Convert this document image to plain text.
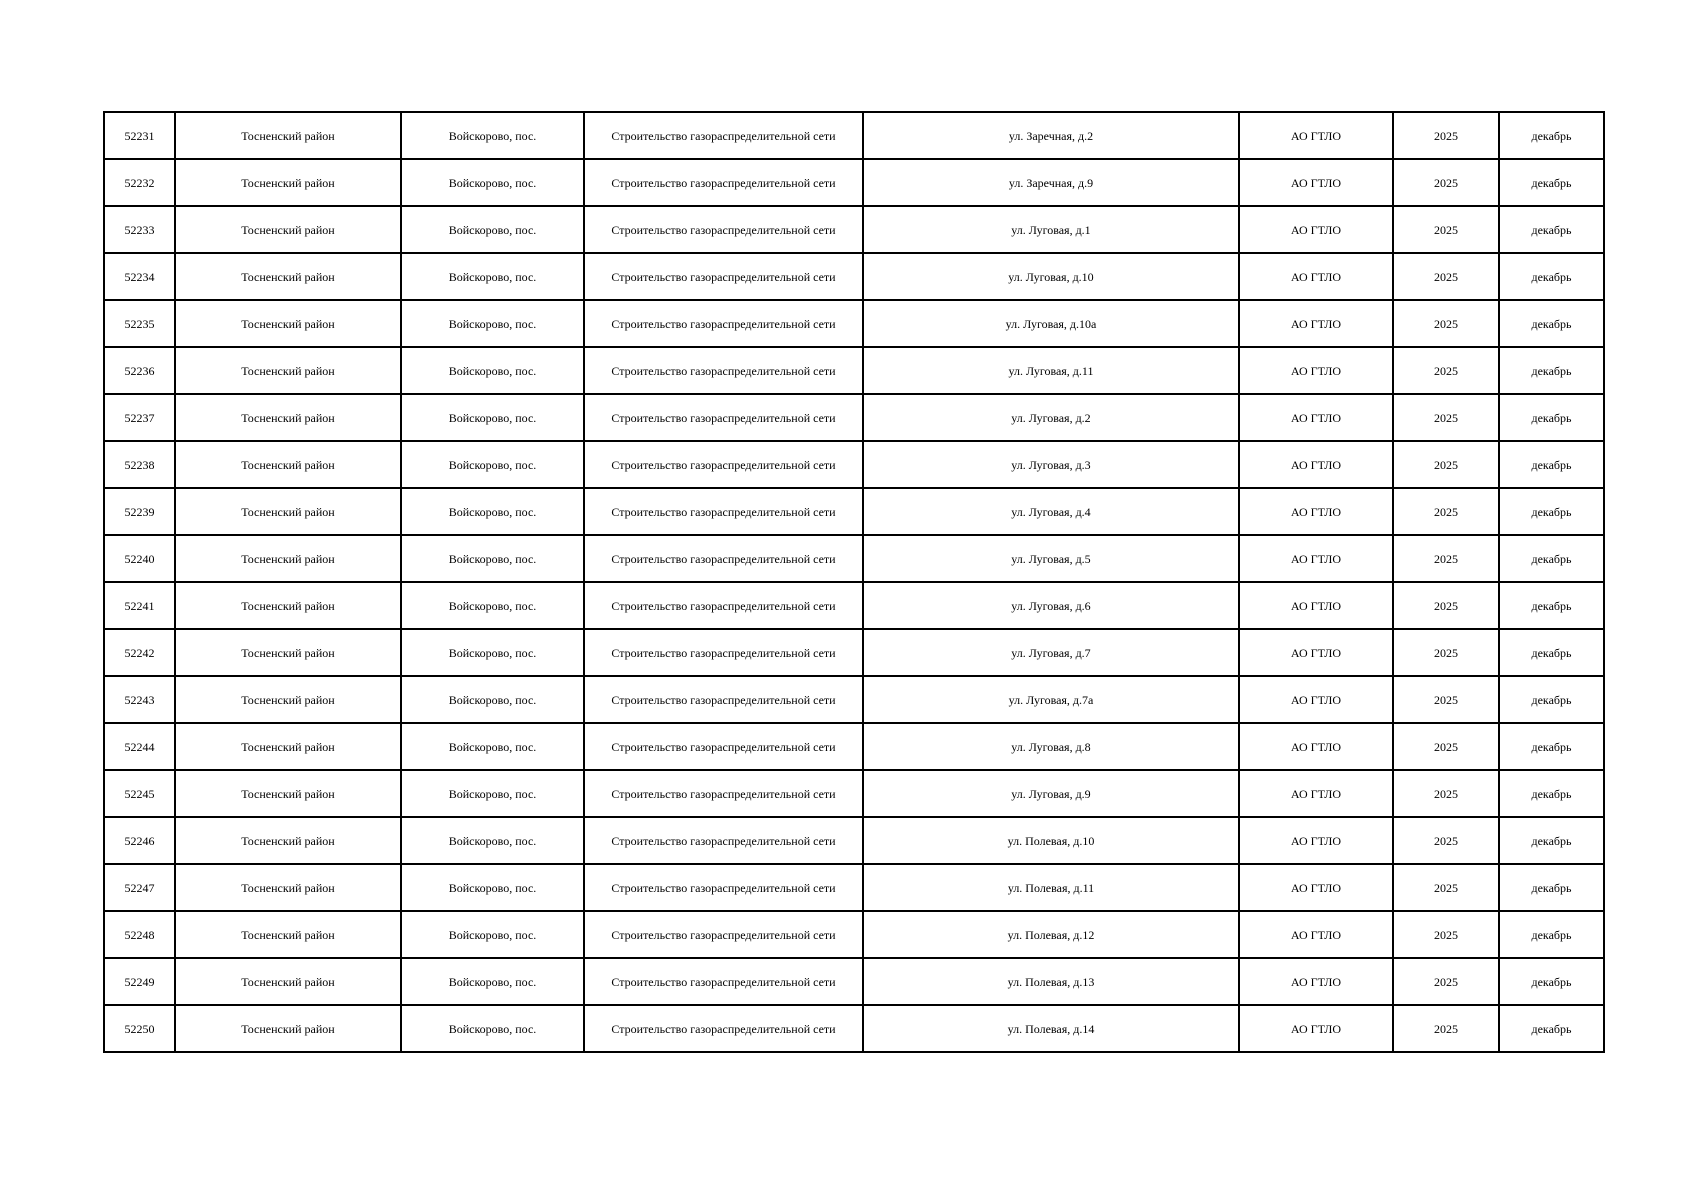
52231	Тосненский район	Войскорово, пос.	Строительство газораспределительной сети	ул. Заречная, д.2	АО ГТЛО	2025	декабрь
52232	Тосненский район	Войскорово, пос.	Строительство газораспределительной сети	ул. Заречная, д.9	АО ГТЛО	2025	декабрь
52233	Тосненский район	Войскорово, пос.	Строительство газораспределительной сети	ул. Луговая, д.1	АО ГТЛО	2025	декабрь
52234	Тосненский район	Войскорово, пос.	Строительство газораспределительной сети	ул. Луговая, д.10	АО ГТЛО	2025	декабрь
52235	Тосненский район	Войскорово, пос.	Строительство газораспределительной сети	ул. Луговая, д.10а	АО ГТЛО	2025	декабрь
52236	Тосненский район	Войскорово, пос.	Строительство газораспределительной сети	ул. Луговая, д.11	АО ГТЛО	2025	декабрь
52237	Тосненский район	Войскорово, пос.	Строительство газораспределительной сети	ул. Луговая, д.2	АО ГТЛО	2025	декабрь
52238	Тосненский район	Войскорово, пос.	Строительство газораспределительной сети	ул. Луговая, д.3	АО ГТЛО	2025	декабрь
52239	Тосненский район	Войскорово, пос.	Строительство газораспределительной сети	ул. Луговая, д.4	АО ГТЛО	2025	декабрь
52240	Тосненский район	Войскорово, пос.	Строительство газораспределительной сети	ул. Луговая, д.5	АО ГТЛО	2025	декабрь
52241	Тосненский район	Войскорово, пос.	Строительство газораспределительной сети	ул. Луговая, д.6	АО ГТЛО	2025	декабрь
52242	Тосненский район	Войскорово, пос.	Строительство газораспределительной сети	ул. Луговая, д.7	АО ГТЛО	2025	декабрь
52243	Тосненский район	Войскорово, пос.	Строительство газораспределительной сети	ул. Луговая, д.7а	АО ГТЛО	2025	декабрь
52244	Тосненский район	Войскорово, пос.	Строительство газораспределительной сети	ул. Луговая, д.8	АО ГТЛО	2025	декабрь
52245	Тосненский район	Войскорово, пос.	Строительство газораспределительной сети	ул. Луговая, д.9	АО ГТЛО	2025	декабрь
52246	Тосненский район	Войскорово, пос.	Строительство газораспределительной сети	ул. Полевая, д.10	АО ГТЛО	2025	декабрь
52247	Тосненский район	Войскорово, пос.	Строительство газораспределительной сети	ул. Полевая, д.11	АО ГТЛО	2025	декабрь
52248	Тосненский район	Войскорово, пос.	Строительство газораспределительной сети	ул. Полевая, д.12	АО ГТЛО	2025	декабрь
52249	Тосненский район	Войскорово, пос.	Строительство газораспределительной сети	ул. Полевая, д.13	АО ГТЛО	2025	декабрь
52250	Тосненский район	Войскорово, пос.	Строительство газораспределительной сети	ул. Полевая, д.14	АО ГТЛО	2025	декабрь
